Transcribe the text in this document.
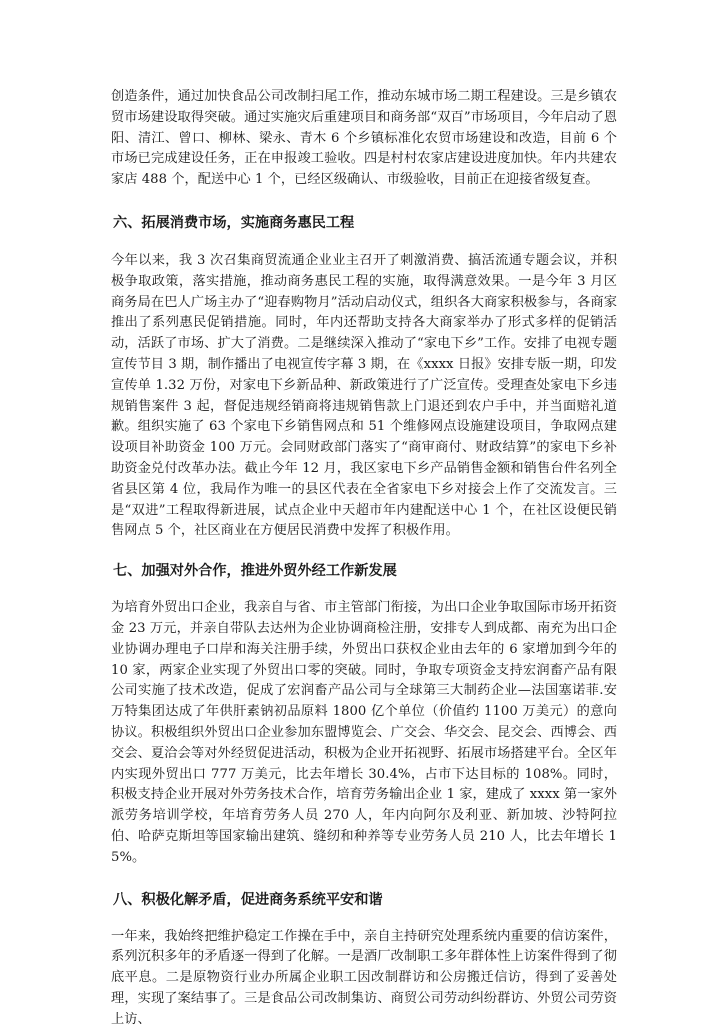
创造条件，通过加快食品公司改制扫尾工作，推动东城市场二期工程建设。三是乡镇农贸市场建设取得突破。通过实施灾后重建项目和商务部“双百”市场项目，今年启动了恩阳、清江、曾口、柳林、梁永、青木 6 个乡镇标准化农贸市场建设和改造，目前 6 个市场已完成建设任务，正在申报竣工验收。四是村村农家店建设进度加快。年内共建农家店 488 个，配送中心 1 个，已经区级确认、市级验收，目前正在迎接省级复查。

六、拓展消费市场，实施商务惠民工程

今年以来，我 3 次召集商贸流通企业业主召开了刺激消费、搞活流通专题会议，并积极争取政策，落实措施，推动商务惠民工程的实施，取得满意效果。一是今年 3 月区商务局在巴人广场主办了“迎春购物月”活动启动仪式，组织各大商家积极参与，各商家推出了系列惠民促销措施。同时，年内还帮助支持各大商家举办了形式多样的促销活动，活跃了市场、扩大了消费。二是继续深入推动了“家电下乡”工作。安排了电视专题宣传节目 3 期，制作播出了电视宣传字幕 3 期，在《xxxx 日报》安排专版一期，印发宣传单 1.32 万份，对家电下乡新品种、新政策进行了广泛宣传。受理查处家电下乡违规销售案件 3 起，督促违规经销商将违规销售款上门退还到农户手中，并当面赔礼道歉。组织实施了 63 个家电下乡销售网点和 51 个维修网点设施建设项目，争取网点建设项目补助资金 100 万元。会同财政部门落实了“商审商付、财政结算”的家电下乡补助资金兑付改革办法。截止今年 12 月，我区家电下乡产品销售金额和销售台件名列全省县区第 4 位，我局作为唯一的县区代表在全省家电下乡对接会上作了交流发言。三是“双进”工程取得新进展，试点企业中天超市年内建配送中心 1 个，在社区设便民销售网点 5 个，社区商业在方便居民消费中发挥了积极作用。

七、加强对外合作，推进外贸外经工作新发展

为培育外贸出口企业，我亲自与省、市主管部门衔接，为出口企业争取国际市场开拓资金 23 万元，并亲自带队去达州为企业协调商检注册，安排专人到成都、南充为出口企业协调办理电子口岸和海关注册手续，外贸出口获权企业由去年的 6 家增加到今年的 10 家，两家企业实现了外贸出口零的突破。同时，争取专项资金支持宏润畜产品有限公司实施了技术改造，促成了宏润畜产品公司与全球第三大制药企业—法国塞诺菲.安万特集团达成了年供肝素钠初品原料 1800 亿个单位（价值约 1100 万美元）的意向协议。积极组织外贸出口企业参加东盟博览会、广交会、华交会、昆交会、西博会、西交会、夏洽会等对外经贸促进活动，积极为企业开拓视野、拓展市场搭建平台。全区年内实现外贸出口 777 万美元，比去年增长 30.4%，占市下达目标的 108%。同时，积极支持企业开展对外劳务技术合作，培育劳务输出企业 1 家，建成了 xxxx 第一家外派劳务培训学校，年培育劳务人员 270 人，年内向阿尔及利亚、新加坡、沙特阿拉伯、哈萨克斯坦等国家输出建筑、缝纫和种养等专业劳务人员 210 人，比去年增长 15%。

八、积极化解矛盾，促进商务系统平安和谐

一年来，我始终把维护稳定工作操在手中，亲自主持研究处理系统内重要的信访案件，系列沉积多年的矛盾逐一得到了化解。一是酒厂改制职工多年群体性上访案件得到了彻底平息。二是原物资行业办所属企业职工因改制群访和公房搬迁信访，得到了妥善处理，实现了案结事了。三是食品公司改制集访、商贸公司劳动纠纷群访、外贸公司劳资上访、
